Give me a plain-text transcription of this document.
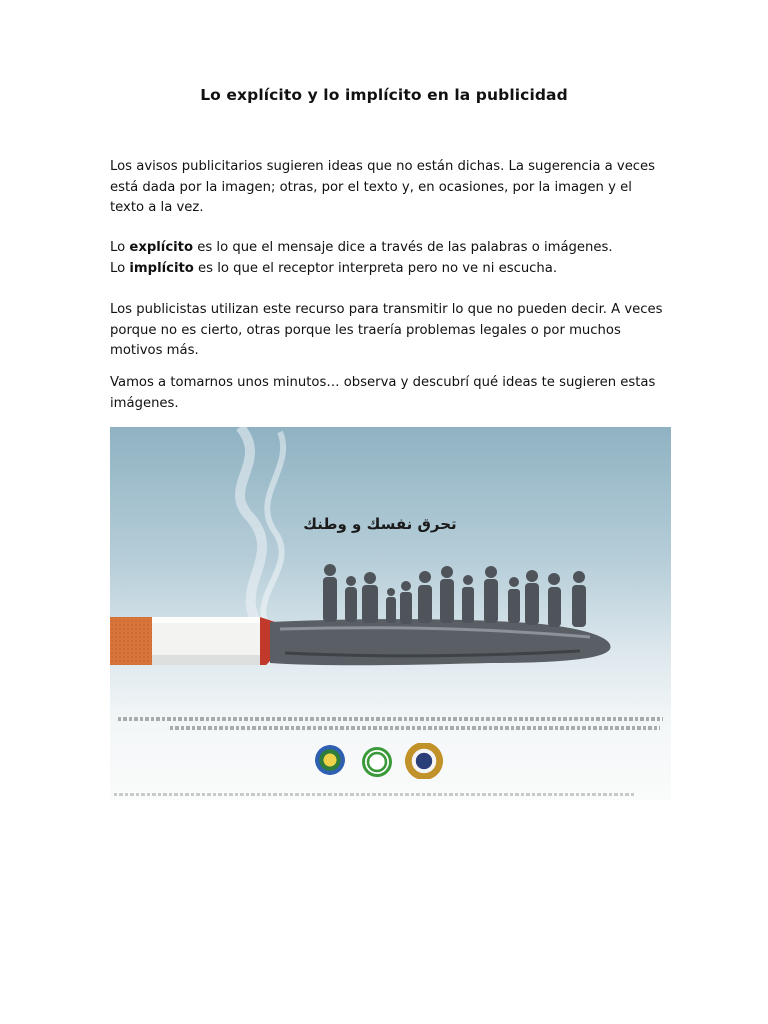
Lo explícito y lo implícito en la publicidad
Los avisos publicitarios sugieren ideas que no están dichas. La sugerencia a veces está dada por la imagen; otras, por el texto y, en ocasiones, por la imagen y el texto a la vez.
Lo explícito es lo que el mensaje dice a través de las palabras o imágenes.
Lo implícito es lo que el receptor interpreta pero no ve ni escucha.
Los publicistas utilizan este recurso para transmitir lo que no pueden decir. A veces porque no es cierto, otras porque les traería problemas legales o por muchos motivos más.
Vamos a tomarnos unos minutos… observa y descubrí qué ideas te sugieren estas imágenes.
تحرق نفسك و وطنك
